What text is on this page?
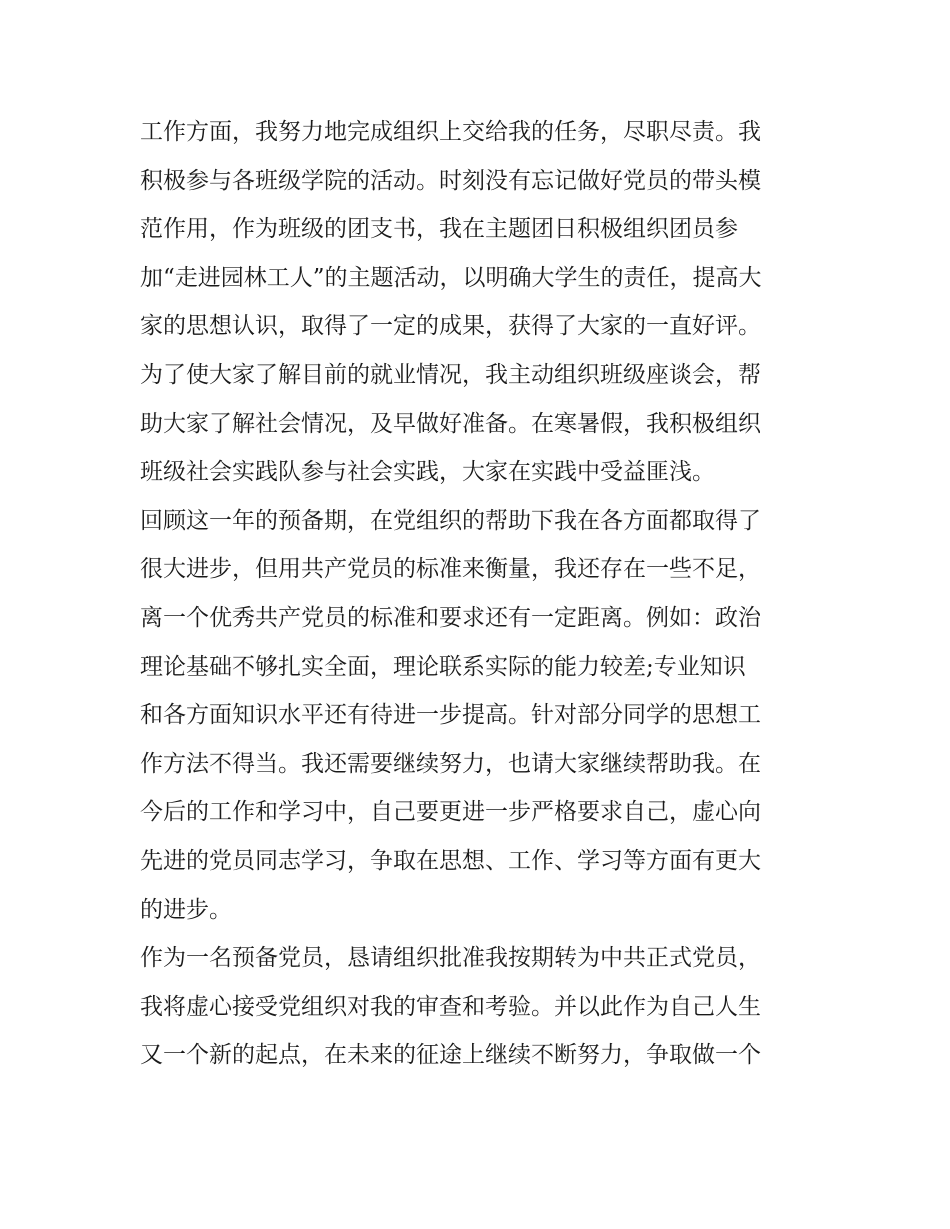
工作方面，我努力地完成组织上交给我的任务，尽职尽责。我
积极参与各班级学院的活动。时刻没有忘记做好党员的带头模
范作用，作为班级的团支书，我在主题团日积极组织团员参
加“走进园林工人”的主题活动，以明确大学生的责任，提高大
家的思想认识，取得了一定的成果，获得了大家的一直好评。
为了使大家了解目前的就业情况，我主动组织班级座谈会，帮
助大家了解社会情况，及早做好准备。在寒暑假，我积极组织
班级社会实践队参与社会实践，大家在实践中受益匪浅。
回顾这一年的预备期，在党组织的帮助下我在各方面都取得了
很大进步，但用共产党员的标准来衡量，我还存在一些不足，
离一个优秀共产党员的标准和要求还有一定距离。例如：政治
理论基础不够扎实全面，理论联系实际的能力较差;专业知识
和各方面知识水平还有待进一步提高。针对部分同学的思想工
作方法不得当。我还需要继续努力，也请大家继续帮助我。在
今后的工作和学习中，自己要更进一步严格要求自己，虚心向
先进的党员同志学习，争取在思想、工作、学习等方面有更大
的进步。
作为一名预备党员，恳请组织批准我按期转为中共正式党员，
我将虚心接受党组织对我的审查和考验。并以此作为自己人生
又一个新的起点，在未来的征途上继续不断努力，争取做一个
